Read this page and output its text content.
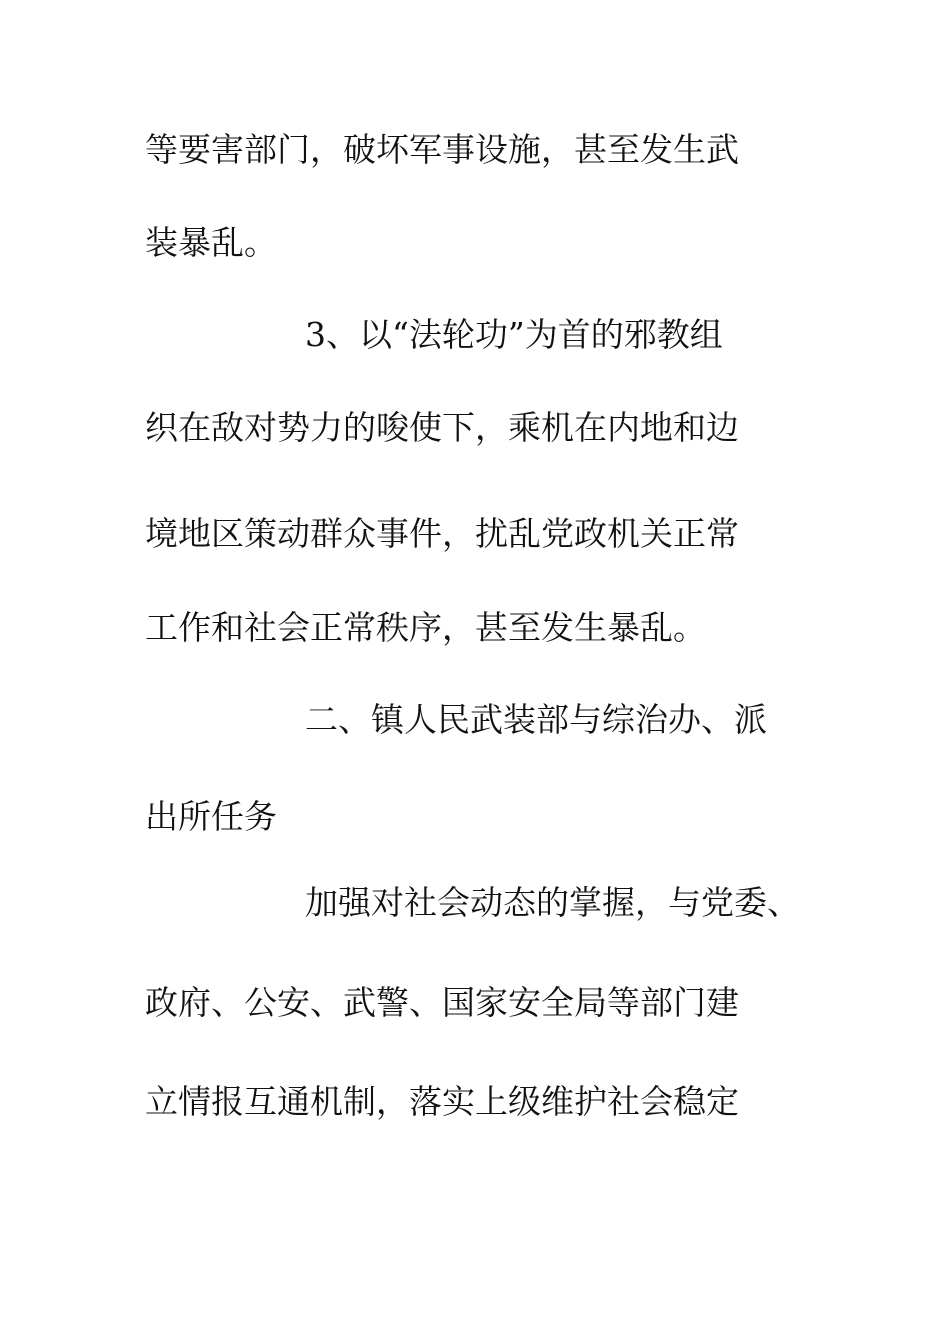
等要害部门，破坏军事设施，甚至发生武
装暴乱。
3、以“法轮功”为首的邪教组
织在敌对势力的唆使下，乘机在内地和边
境地区策动群众事件，扰乱党政机关正常
工作和社会正常秩序，甚至发生暴乱。
二、镇人民武装部与综治办、派
出所任务
加强对社会动态的掌握，与党委、
政府、公安、武警、国家安全局等部门建
立情报互通机制，落实上级维护社会稳定
